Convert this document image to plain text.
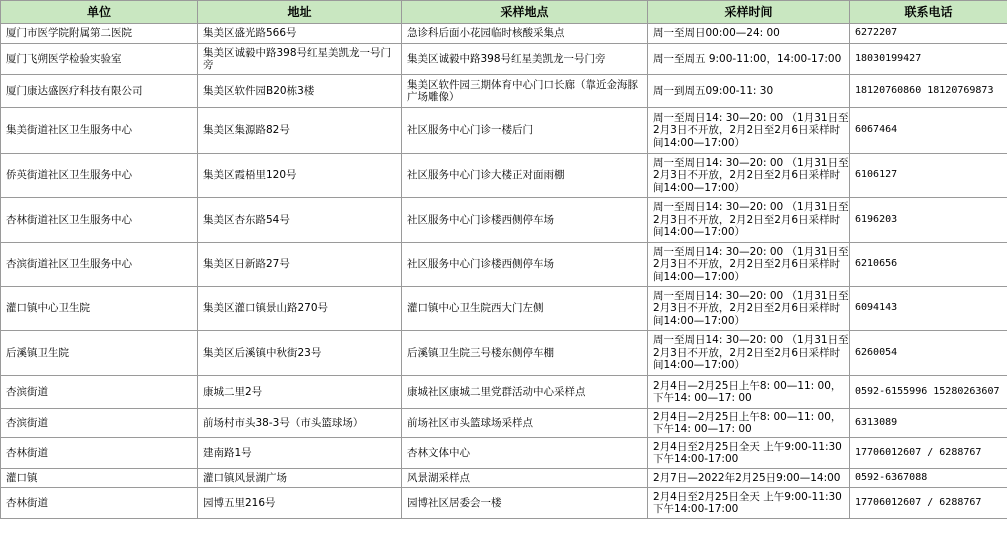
单位	地址	采样地点	采样时间	联系电话
厦门市医学院附属第二医院	集美区盛光路566号	急诊科后面小花园临时核酸采集点	周一至周日00:00—24: 00	6272207
厦门飞朔医学检验实验室	集美区诚毅中路398号红星美凯龙一号门旁	集美区诚毅中路398号红星美凯龙一号门旁	周一至周五 9:00-11:00，14:00-17:00	18030199427
厦门康达盛医疗科技有限公司	集美区软件园B20栋3楼	集美区软件园三期体育中心门口长廊（靠近金海豚广场雕像）	周一到周五09:00-11: 30	18120760860 18120769873
集美街道社区卫生服务中心	集美区集源路82号	社区服务中心门诊一楼后门	周一至周日14: 30—20: 00 （1月31日至2月3日不开放，2月2日至2月6日采样时间14:00—17:00）	6067464
侨英街道社区卫生服务中心	集美区霞梧里120号	社区服务中心门诊大楼正对面雨棚	周一至周日14: 30—20: 00 （1月31日至2月3日不开放，2月2日至2月6日采样时间14:00—17:00）	6106127
杏林街道社区卫生服务中心	集美区杏东路54号	社区服务中心门诊楼西侧停车场	周一至周日14: 30—20: 00 （1月31日至2月3日不开放，2月2日至2月6日采样时间14:00—17:00）	6196203
杏滨街道社区卫生服务中心	集美区日新路27号	社区服务中心门诊楼西侧停车场	周一至周日14: 30—20: 00 （1月31日至2月3日不开放，2月2日至2月6日采样时间14:00—17:00）	6210656
灌口镇中心卫生院	集美区灌口镇景山路270号	灌口镇中心卫生院西大门左侧	周一至周日14: 30—20: 00 （1月31日至2月3日不开放，2月2日至2月6日采样时间14:00—17:00）	6094143
后溪镇卫生院	集美区后溪镇中秋街23号	后溪镇卫生院三号楼东侧停车棚	周一至周日14: 30—20: 00 （1月31日至2月3日不开放，2月2日至2月6日采样时间14:00—17:00）	6260054
杏滨街道	康城二里2号	康城社区康城二里党群活动中心采样点	2月4日—2月25日上午8: 00—11: 00，下午14: 00—17: 00	0592-6155996 15280263607
杏滨街道	前场村市头38-3号（市头篮球场）	前场社区市头篮球场采样点	2月4日—2月25日上午8: 00—11: 00，下午14: 00—17: 00	6313089
杏林街道	建南路1号	杏林文体中心	2月4日至2月25日全天 上午9:00-11:30 下午14:00-17:00	17706012607 / 6288767
灌口镇	灌口镇风景湖广场	风景湖采样点	2月7日—2022年2月25日9:00—14:00	0592-6367088
杏林街道	园博五里216号	园博社区居委会一楼	2月4日至2月25日全天 上午9:00-11:30 下午14:00-17:00	17706012607 / 6288767
